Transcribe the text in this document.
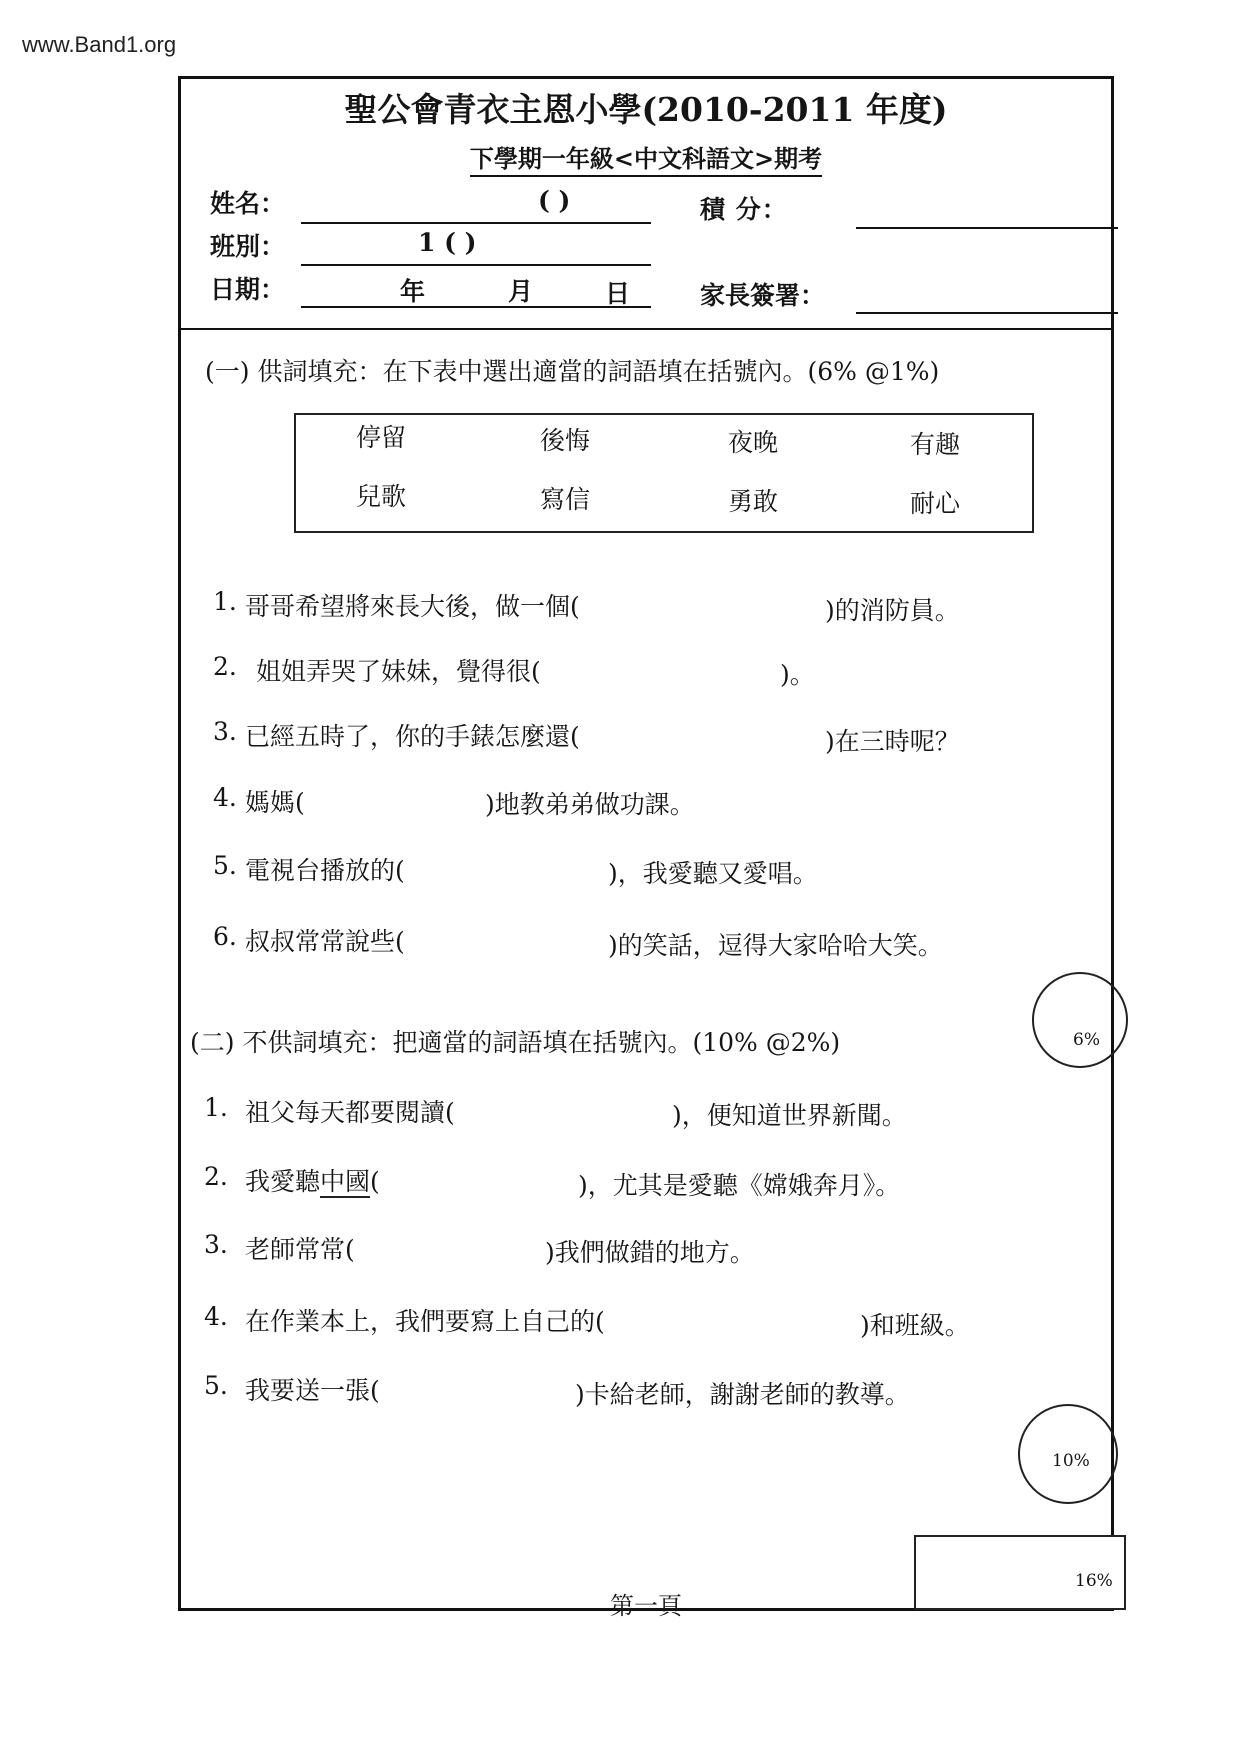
www.Band1.org
聖公會青衣主恩小學(2010-2011 年度)
下學期一年級<中文科語文>期考
姓名：	( )	積 分：
班別：	1 ( )
日期：	年	月	日	家長簽署：
(一) 供詞填充：在下表中選出適當的詞語填在括號內。(6% @1%)
停留	後悔	夜晚	有趣
兒歌	寫信	勇敢	耐心
1. 哥哥希望將來長大後，做一個(	)的消防員。
2. 姐姐弄哭了妹妹，覺得很(	)。
3. 已經五時了，你的手錶怎麼還(	)在三時呢？
4. 媽媽(	)地教弟弟做功課。
5. 電視台播放的(	)，我愛聽又愛唱。
6. 叔叔常常說些(	)的笑話，逗得大家哈哈大笑。
6%
(二) 不供詞填充：把適當的詞語填在括號內。(10% @2%)
1. 祖父每天都要閱讀(	)，便知道世界新聞。
2. 我愛聽中國(	)，尤其是愛聽《嫦娥奔月》。
3. 老師常常(	)我們做錯的地方。
4. 在作業本上，我們要寫上自己的(	)和班級。
5. 我要送一張(	)卡給老師，謝謝老師的教導。
10%
16%
第一頁
